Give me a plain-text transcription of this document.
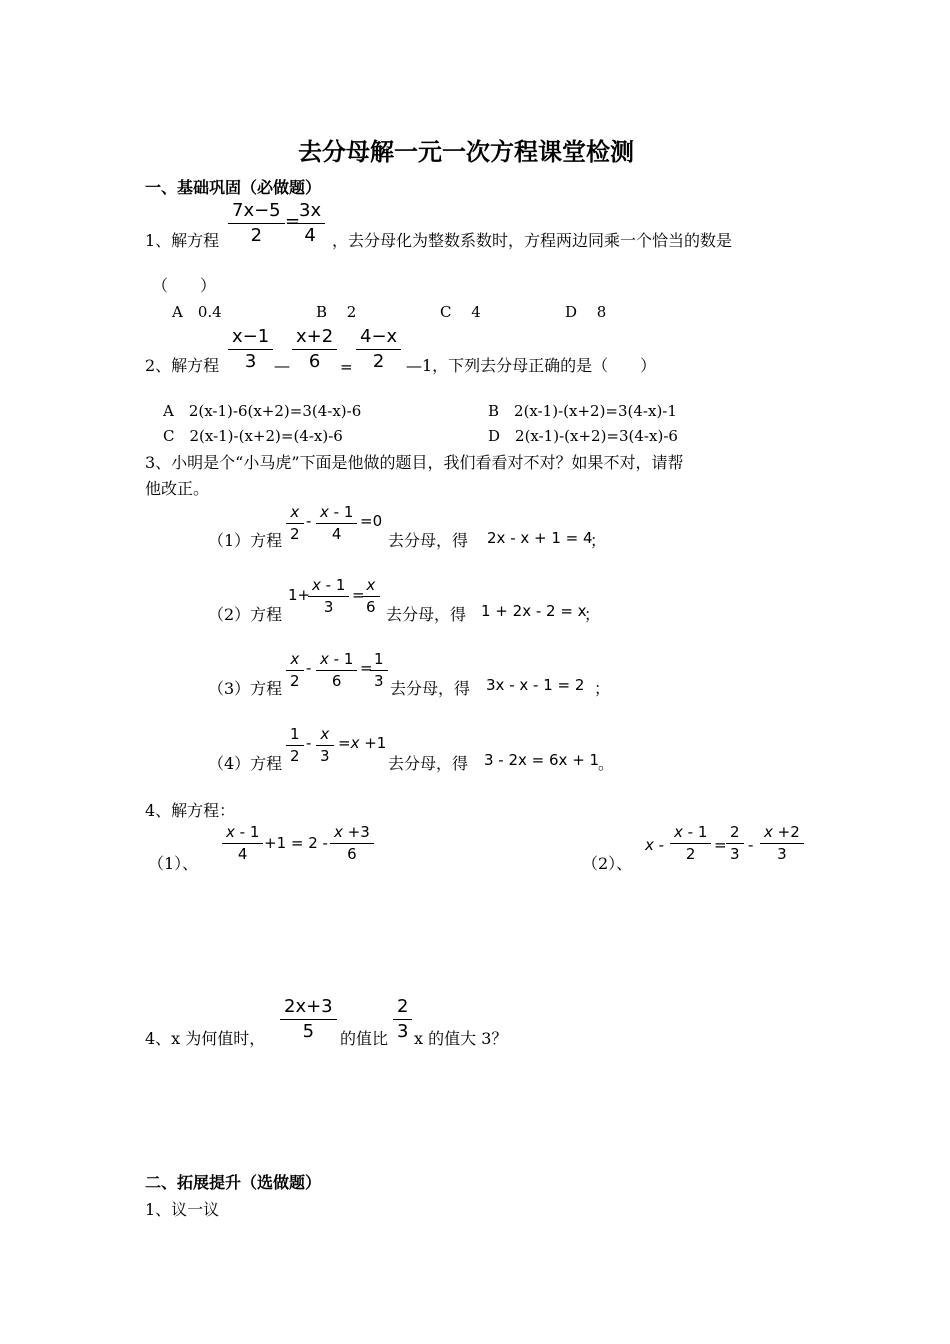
去分母解一元一次方程课堂检测
一、基础巩固（必做题）
1、解方程 $\frac{7x-5}{2}$ =
$\frac{3x}{4}$ ，去分母化为整数系数时，方程两边同乘一个恰当的数是
（　　）
A　0.4	B　 2	C　 4	D　 8
2、解方程 $\frac{x-1}{3}$ — $\frac{x+2}{6} = \frac{4-x}{2}$ —1，下列去分母正确的是（　　）
A　2(x-1)-6(x+2)=3(4-x)-6	B　2(x-1)-(x+2)=3(4-x)-1
C　2(x-1)-(x+2)=(4-x)-6	D　2(x-1)-(x+2)=3(4-x)-6
3、小明是个“小马虎”下面是他做的题目，我们看看对不对？如果不对，请帮
他改正。
（1）方程 $\frac{x}{2} - \frac{x - 1}{4} =0$
去分母，得 2x - x + 1 = 4
；
（2）方程
$1+ \frac{x - 1}{3} = \frac{x}{6}$ 去分母，得 1 + 2x - 2 = x
；
（3）方程 $\frac{x}{2} - \frac{x - 1}{6} = \frac{1}{3}$ 去分母，得 3x - x - 1 = 2 ；
（4）方程 $\frac{1}{2} - \frac{x}{3} =x +1$
去分母，得 3 - 2x = 6x + 1
。
4、解方程：
（1）、
$\frac{x - 1}{4} +1 = 2 - \frac{x +3}{6}$
（2）、
$x - \frac{x - 1}{2} = \frac{2}{3} - \frac{x +2}{3}$
4、x 为何值时， $\frac{2x+3}{5}$ 的值比 $\frac{2}{3}$ x 的值大 3？
二、拓展提升（选做题）
1、议一议
